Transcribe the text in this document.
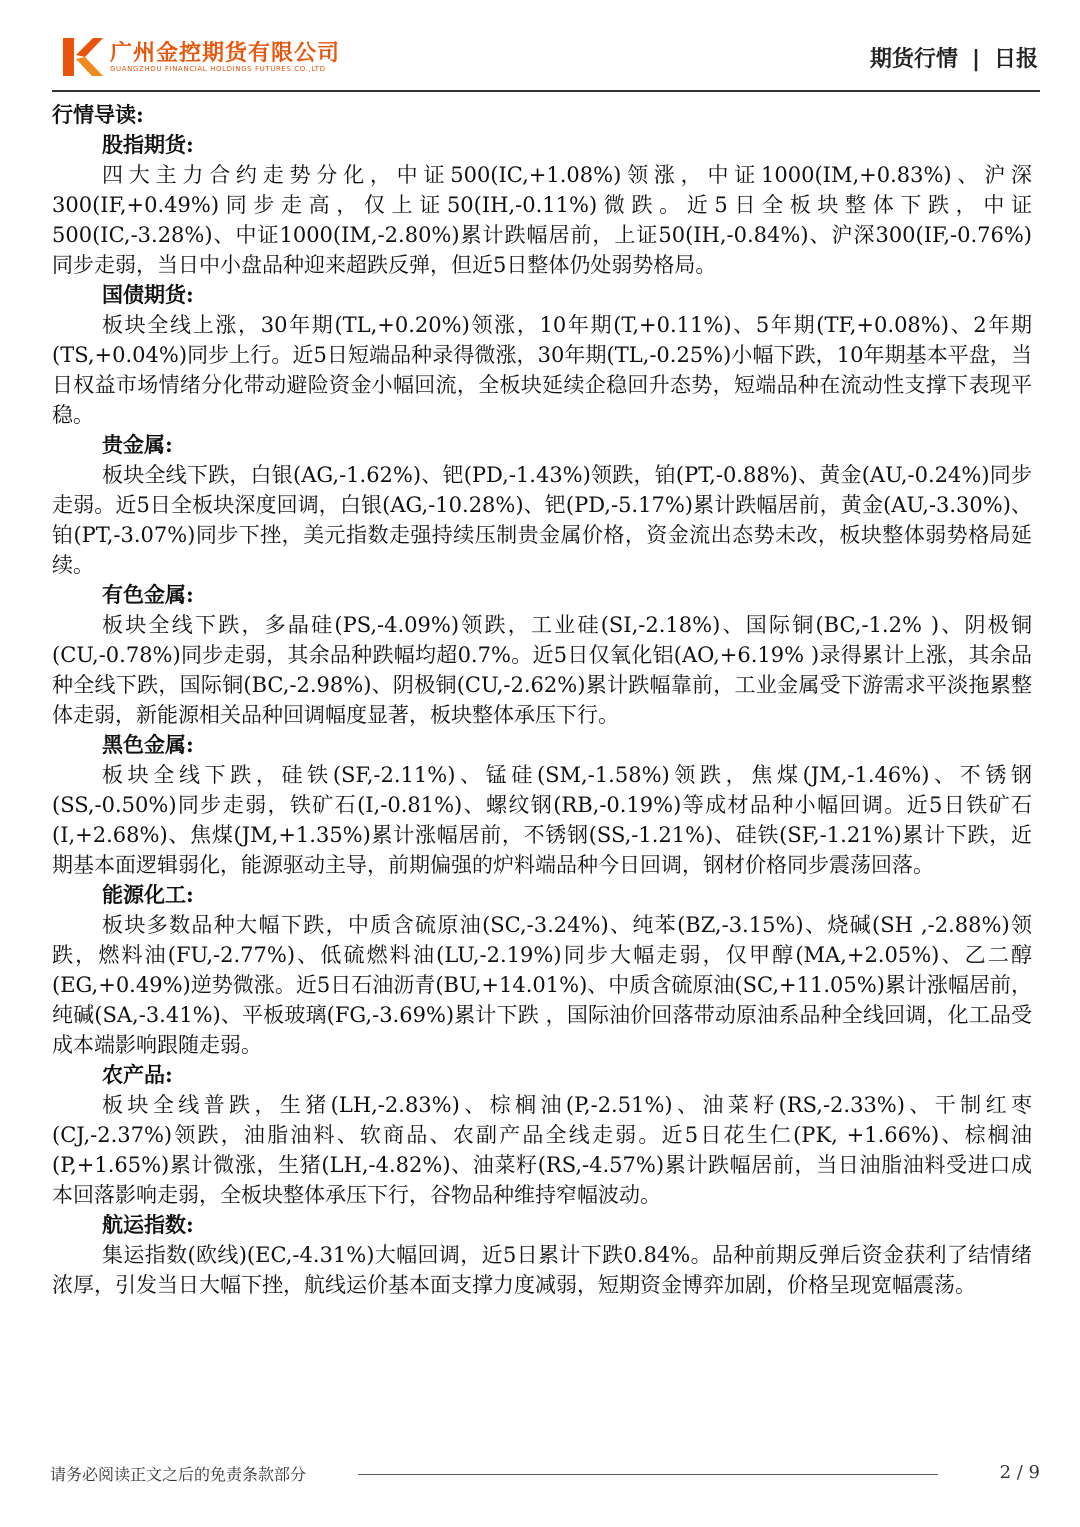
广州金控期货有限公司
GUANGZHOU FINANCIAL HOLDINGS FUTURES CO.,LTD	期货行情 | 日报

行情导读:

股指期货:

四大主力合约走势分化，中证500(IC,+1.08%)领涨，中证1000(IM,+0.83%)、沪深300(IF,+0.49%)同步走高，仅上证50(IH,-0.11%)微跌。近5日全板块整体下跌，中证500(IC,-3.28%)、中证1000(IM,-2.80%)累计跌幅居前，上证50(IH,-0.84%)、沪深300(IF,-0.76%)同步走弱，当日中小盘品种迎来超跌反弹，但近5日整体仍处弱势格局。

国债期货:

板块全线上涨，30年期(TL,+0.20%)领涨，10年期(T,+0.11%)、5年期(TF,+0.08%)、2年期(TS,+0.04%)同步上行。近5日短端品种录得微涨，30年期(TL,-0.25%)小幅下跌，10年期基本平盘，当日权益市场情绪分化带动避险资金小幅回流，全板块延续企稳回升态势，短端品种在流动性支撑下表现平稳。

贵金属:

板块全线下跌，白银(AG,-1.62%)、钯(PD,-1.43%)领跌，铂(PT,-0.88%)、黄金(AU,-0.24%)同步走弱。近5日全板块深度回调，白银(AG,-10.28%)、钯(PD,-5.17%)累计跌幅居前，黄金(AU,-3.30%)、铂(PT,-3.07%)同步下挫，美元指数走强持续压制贵金属价格，资金流出态势未改，板块整体弱势格局延续。

有色金属:

板块全线下跌，多晶硅(PS,-4.09%)领跌，工业硅(SI,-2.18%)、国际铜(BC,-1.2% )、阴极铜(CU,-0.78%)同步走弱，其余品种跌幅均超0.7%。近5日仅氧化铝(AO,+6.19% )录得累计上涨，其余品种全线下跌，国际铜(BC,-2.98%)、阴极铜(CU,-2.62%)累计跌幅靠前，工业金属受下游需求平淡拖累整体走弱，新能源相关品种回调幅度显著，板块整体承压下行。

黑色金属:

板块全线下跌，硅铁(SF,-2.11%)、锰硅(SM,-1.58%)领跌，焦煤(JM,-1.46%)、不锈钢(SS,-0.50%)同步走弱，铁矿石(I,-0.81%)、螺纹钢(RB,-0.19%)等成材品种小幅回调。近5日铁矿石(I,+2.68%)、焦煤(JM,+1.35%)累计涨幅居前，不锈钢(SS,-1.21%)、硅铁(SF,-1.21%)累计下跌，近期基本面逻辑弱化，能源驱动主导，前期偏强的炉料端品种今日回调，钢材价格同步震荡回落。

能源化工:

板块多数品种大幅下跌，中质含硫原油(SC,-3.24%)、纯苯(BZ,-3.15%)、烧碱(SH ,-2.88%)领跌，燃料油(FU,-2.77%)、低硫燃料油(LU,-2.19%)同步大幅走弱，仅甲醇(MA,+2.05%)、乙二醇(EG,+0.49%)逆势微涨。近5日石油沥青(BU,+14.01%)、中质含硫原油(SC,+11.05%)累计涨幅居前，纯碱(SA,-3.41%)、平板玻璃(FG,-3.69%)累计下跌 ，国际油价回落带动原油系品种全线回调，化工品受成本端影响跟随走弱。

农产品:

板块全线普跌，生猪(LH,-2.83%)、棕榈油(P,-2.51%)、油菜籽(RS,-2.33%)、干制红枣(CJ,-2.37%)领跌，油脂油料、软商品、农副产品全线走弱。近5日花生仁(PK, +1.66%)、棕榈油(P,+1.65%)累计微涨，生猪(LH,-4.82%)、油菜籽(RS,-4.57%)累计跌幅居前，当日油脂油料受进口成本回落影响走弱，全板块整体承压下行，谷物品种维持窄幅波动。

航运指数:

集运指数(欧线)(EC,-4.31%)大幅回调，近5日累计下跌0.84%。品种前期反弹后资金获利了结情绪浓厚，引发当日大幅下挫，航线运价基本面支撑力度减弱，短期资金博弈加剧，价格呈现宽幅震荡。

请务必阅读正文之后的免责条款部分	2 / 9
